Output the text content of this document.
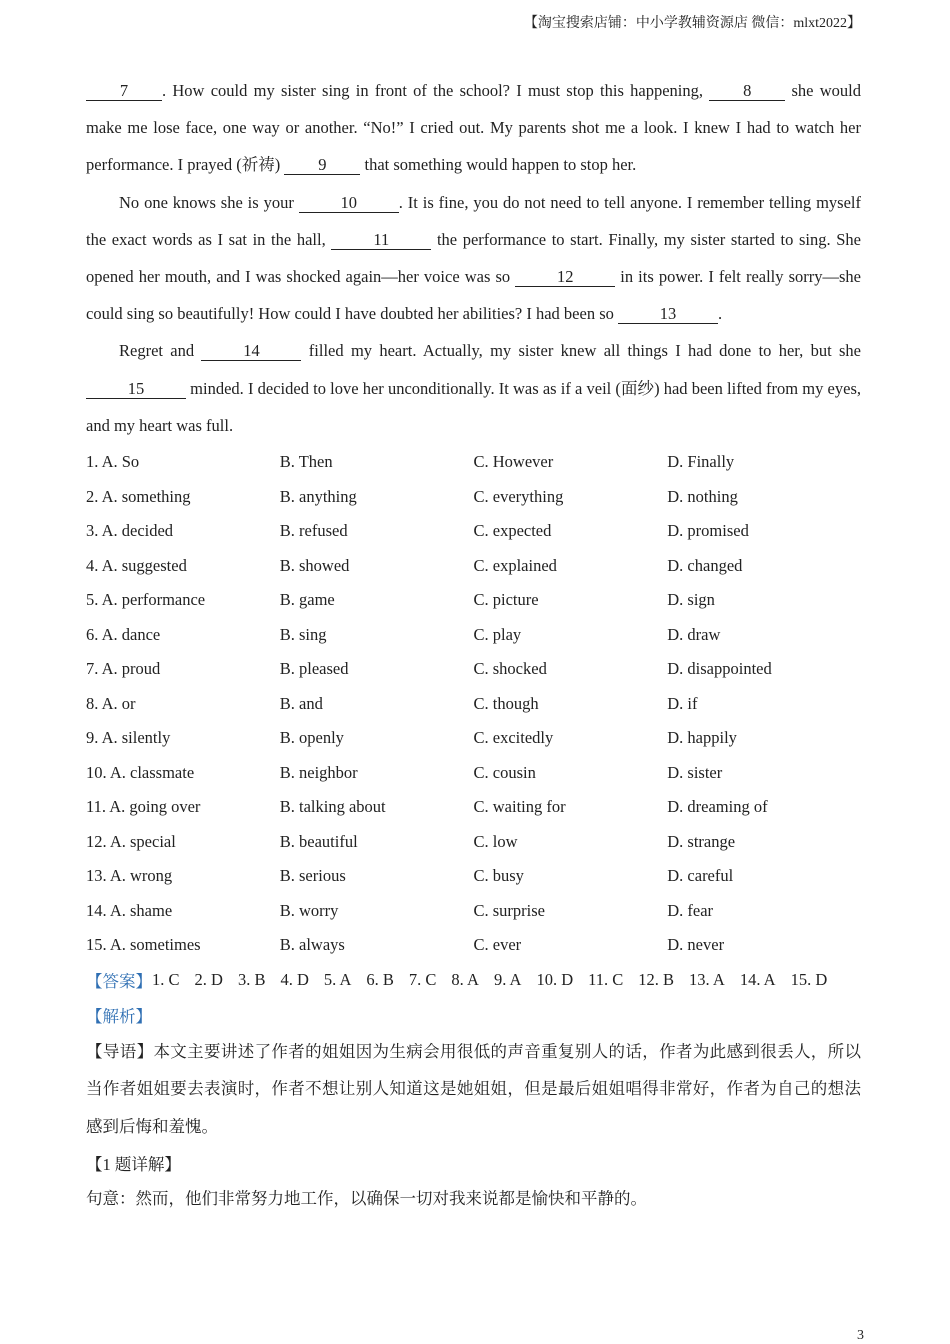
【淘宝搜索店铺：中小学教辅资源店 微信：mlxt2022】

7 . How could my sister sing in front of the school? I must stop this happening, 8 she would make me lose face, one way or another. “No!” I cried out. My parents shot me a look. I knew I had to watch her performance. I prayed (祈祷) 9 that something would happen to stop her.

No one knows she is your	10	. It is fine, you do not need to tell anyone. I remember telling myself the exact words as I sat in the hall,	11	the performance to start. Finally, my sister started to sing. She opened her mouth, and I was shocked again—her voice was so	12	in its power. I felt really sorry—she could sing so beautifully! How could I have doubted her abilities? I had been so	13	.

Regret and	14	filled my heart. Actually, my sister knew all things I had done to her, but she 15	minded. I decided to love her unconditionally. It was as if a veil (面纱) had been lifted from my eyes, and my heart was full.

1. A. So	B. Then	C. However	D. Finally
2. A. something	B. anything	C. everything	D. nothing
3. A. decided	B. refused	C. expected	D. promised
4. A. suggested	B. showed	C. explained	D. changed
5. A. performance	B. game	C. picture	D. sign
6. A. dance	B. sing	C. play	D. draw
7. A. proud	B. pleased	C. shocked	D. disappointed
8. A. or	B. and	C. though	D. if
9. A. silently	B. openly	C. excitedly	D. happily
10. A. classmate	B. neighbor	C. cousin	D. sister
11. A. going over	B. talking about	C. waiting for	D. dreaming of
12. A. special	B. beautiful	C. low	D. strange
13. A. wrong	B. serious	C. busy	D. careful
14. A. shame	B. worry	C. surprise	D. fear
15. A. sometimes	B. always	C. ever	D. never
【答案】 1. C 2. D 3. B 4. D 5. A 6. B 7. C 8. A 9. A 10. D 11. C 12. B 13. A 14. A 15. D
【解析】

【导语】本文主要讲述了作者的姐姐因为生病会用很低的声音重复别人的话，作者为此感到很丢人，所以当作者姐姐要去表演时，作者不想让别人知道这是她姐姐，但是最后姐姐唱得非常好，作者为自己的想法感到后悔和羞愧。

【1 题详解】

句意：然而，他们非常努力地工作，以确保一切对我来说都是愉快和平静的。

3
